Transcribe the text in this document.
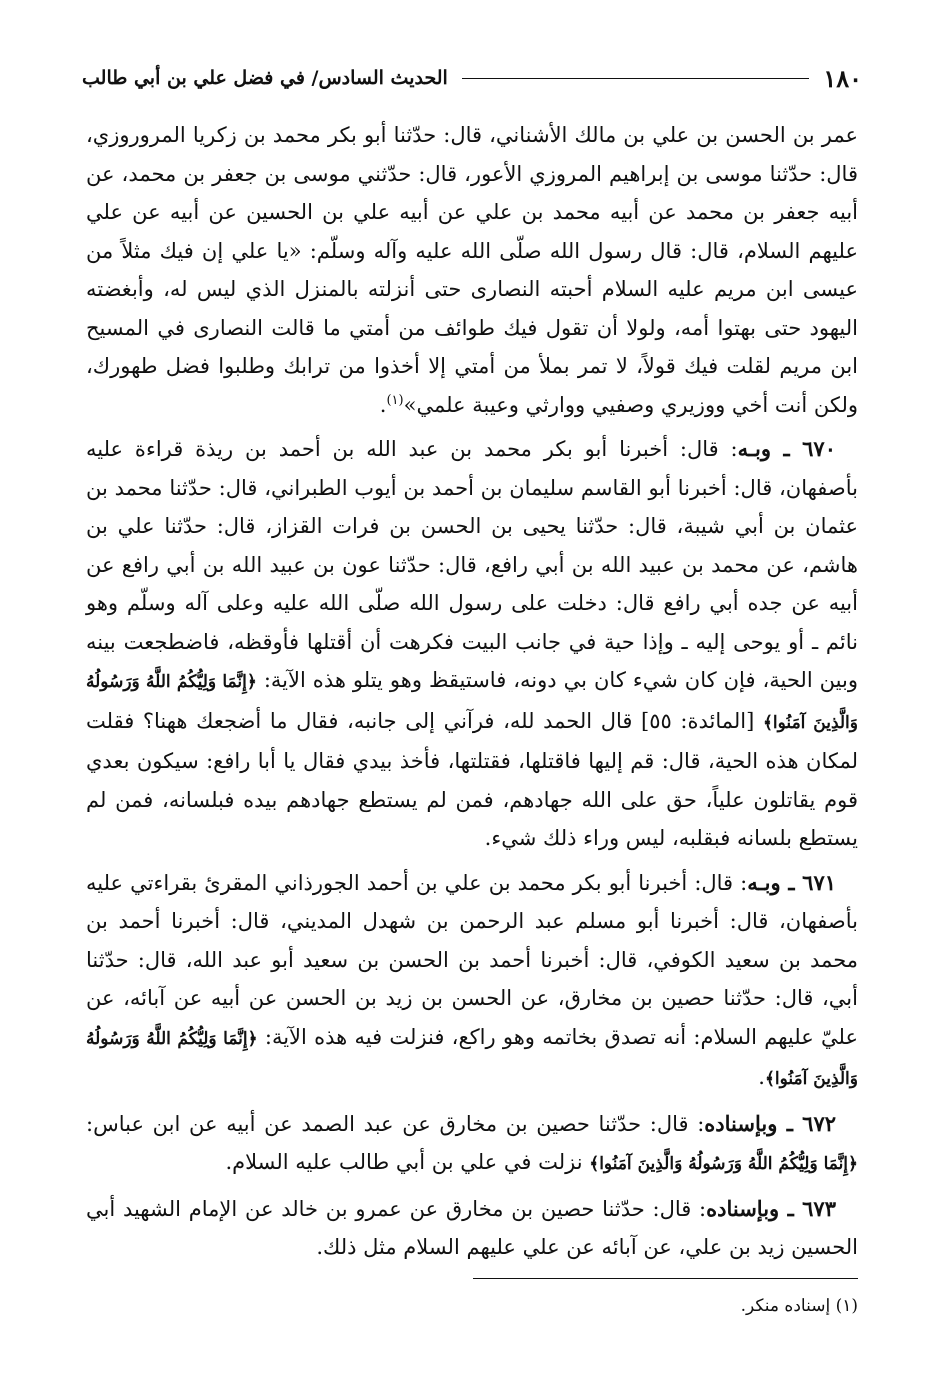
١٨٠
الحديث السادس/ في فضل علي بن أبي طالب

عمر بن الحسن بن علي بن مالك الأشناني، قال: حدّثنا أبو بكر محمد بن زكريا المروروزي، قال: حدّثنا موسى بن إبراهيم المروزي الأعور، قال: حدّثني موسى بن جعفر بن محمد، عن أبيه جعفر بن محمد عن أبيه محمد بن علي عن أبيه علي بن الحسين عن أبيه عن علي عليهم السلام، قال: قال رسول الله صلّى الله عليه وآله وسلّم: «يا علي إن فيك مثلاً من عيسى ابن مريم عليه السلام أحبته النصارى حتى أنزلته بالمنزل الذي ليس له، وأبغضته اليهود حتى بهتوا أمه، ولولا أن تقول فيك طوائف من أمتي ما قالت النصارى في المسيح ابن مريم لقلت فيك قولاً، لا تمر بملأ من أمتي إلا أخذوا من ترابك وطلبوا فضل طهورك، ولكن أنت أخي ووزيري وصفيي ووارثي وعيبة علمي»$^{(١)}$.

٦٧٠ ـ وبـه: قال: أخبرنا أبو بكر محمد بن عبد الله بن أحمد بن ريذة قراءة عليه بأصفهان، قال: أخبرنا أبو القاسم سليمان بن أحمد بن أيوب الطبراني، قال: حدّثنا محمد بن عثمان بن أبي شيبة، قال: حدّثنا يحيى بن الحسن بن فرات القزاز، قال: حدّثنا علي بن هاشم، عن محمد بن عبيد الله بن أبي رافع، قال: حدّثنا عون بن عبيد الله بن أبي رافع عن أبيه عن جده أبي رافع قال: دخلت على رسول الله صلّى الله عليه وعلى آله وسلّم وهو نائم ـ أو يوحى إليه ـ وإذا حية في جانب البيت فكرهت أن أقتلها فأوقظه، فاضطجعت بينه وبين الحية، فإن كان شيء كان بي دونه، فاستيقظ وهو يتلو هذه الآية: ﴿إِنَّمَا وَلِيُّكُمُ اللَّهُ وَرَسُولُهُ وَالَّذِينَ آمَنُوا﴾ [المائدة: ٥٥] قال الحمد لله، فرآني إلى جانبه، فقال ما أضجعك ههنا؟ فقلت لمكان هذه الحية، قال: قم إليها فاقتلها، فقتلتها، فأخذ بيدي فقال يا أبا رافع: سيكون بعدي قوم يقاتلون علياً، حق على الله جهادهم، فمن لم يستطع جهادهم بيده فبلسانه، فمن لم يستطع بلسانه فبقلبه، ليس وراء ذلك شيء.

٦٧١ ـ وبـه: قال: أخبرنا أبو بكر محمد بن علي بن أحمد الجورذاني المقرئ بقراءتي عليه بأصفهان، قال: أخبرنا أبو مسلم عبد الرحمن بن شهدل المديني، قال: أخبرنا أحمد بن محمد بن سعيد الكوفي، قال: أخبرنا أحمد بن الحسن بن سعيد أبو عبد الله، قال: حدّثنا أبي، قال: حدّثنا حصين بن مخارق، عن الحسن بن زيد بن الحسن عن أبيه عن آبائه، عن عليّ عليهم السلام: أنه تصدق بخاتمه وهو راكع، فنزلت فيه هذه الآية: ﴿إِنَّمَا وَلِيُّكُمُ اللَّهُ وَرَسُولُهُ وَالَّذِينَ آمَنُوا﴾.

٦٧٢ ـ وبإسناده: قال: حدّثنا حصين بن مخارق عن عبد الصمد عن أبيه عن ابن عباس: ﴿إِنَّمَا وَلِيُّكُمُ اللَّهُ وَرَسُولُهُ وَالَّذِينَ آمَنُوا﴾ نزلت في علي بن أبي طالب عليه السلام.

٦٧٣ ـ وبإسناده: قال: حدّثنا حصين بن مخارق عن عمرو بن خالد عن الإمام الشهيد أبي الحسين زيد بن علي، عن آبائه عن علي عليهم السلام مثل ذلك.

(١) إسناده منكر.
